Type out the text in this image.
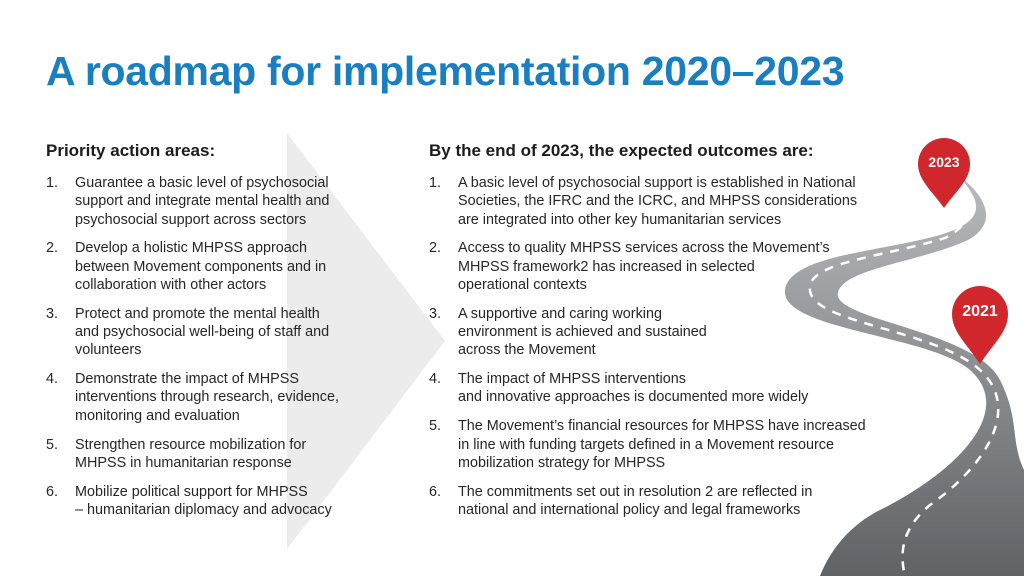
A roadmap for implementation 2020–2023
2023
2021
Priority action areas:
1. Guarantee a basic level of psychosocial
support and integrate mental health and
psychosocial support across sectors
2. Develop a holistic MHPSS approach
between Movement components and in
collaboration with other actors
3. Protect and promote the mental health
and psychosocial well-being of staff and
volunteers
4. Demonstrate the impact of MHPSS
interventions through research, evidence,
monitoring and evaluation
5. Strengthen resource mobilization for
MHPSS in humanitarian response
6. Mobilize political support for MHPSS
– humanitarian diplomacy and advocacy
By the end of 2023, the expected outcomes are:
1. A basic level of psychosocial support is established in National
Societies, the IFRC and the ICRC, and MHPSS considerations
are integrated into other key humanitarian services
2. Access to quality MHPSS services across the Movement’s
MHPSS framework2 has increased in selected
operational contexts
3. A supportive and caring working
environment is achieved and sustained
across the Movement
4. The impact of MHPSS interventions
and innovative approaches is documented more widely
5. The Movement’s financial resources for MHPSS have increased
in line with funding targets defined in a Movement resource
mobilization strategy for MHPSS
6. The commitments set out in resolution 2 are reflected in
national and international policy and legal frameworks
